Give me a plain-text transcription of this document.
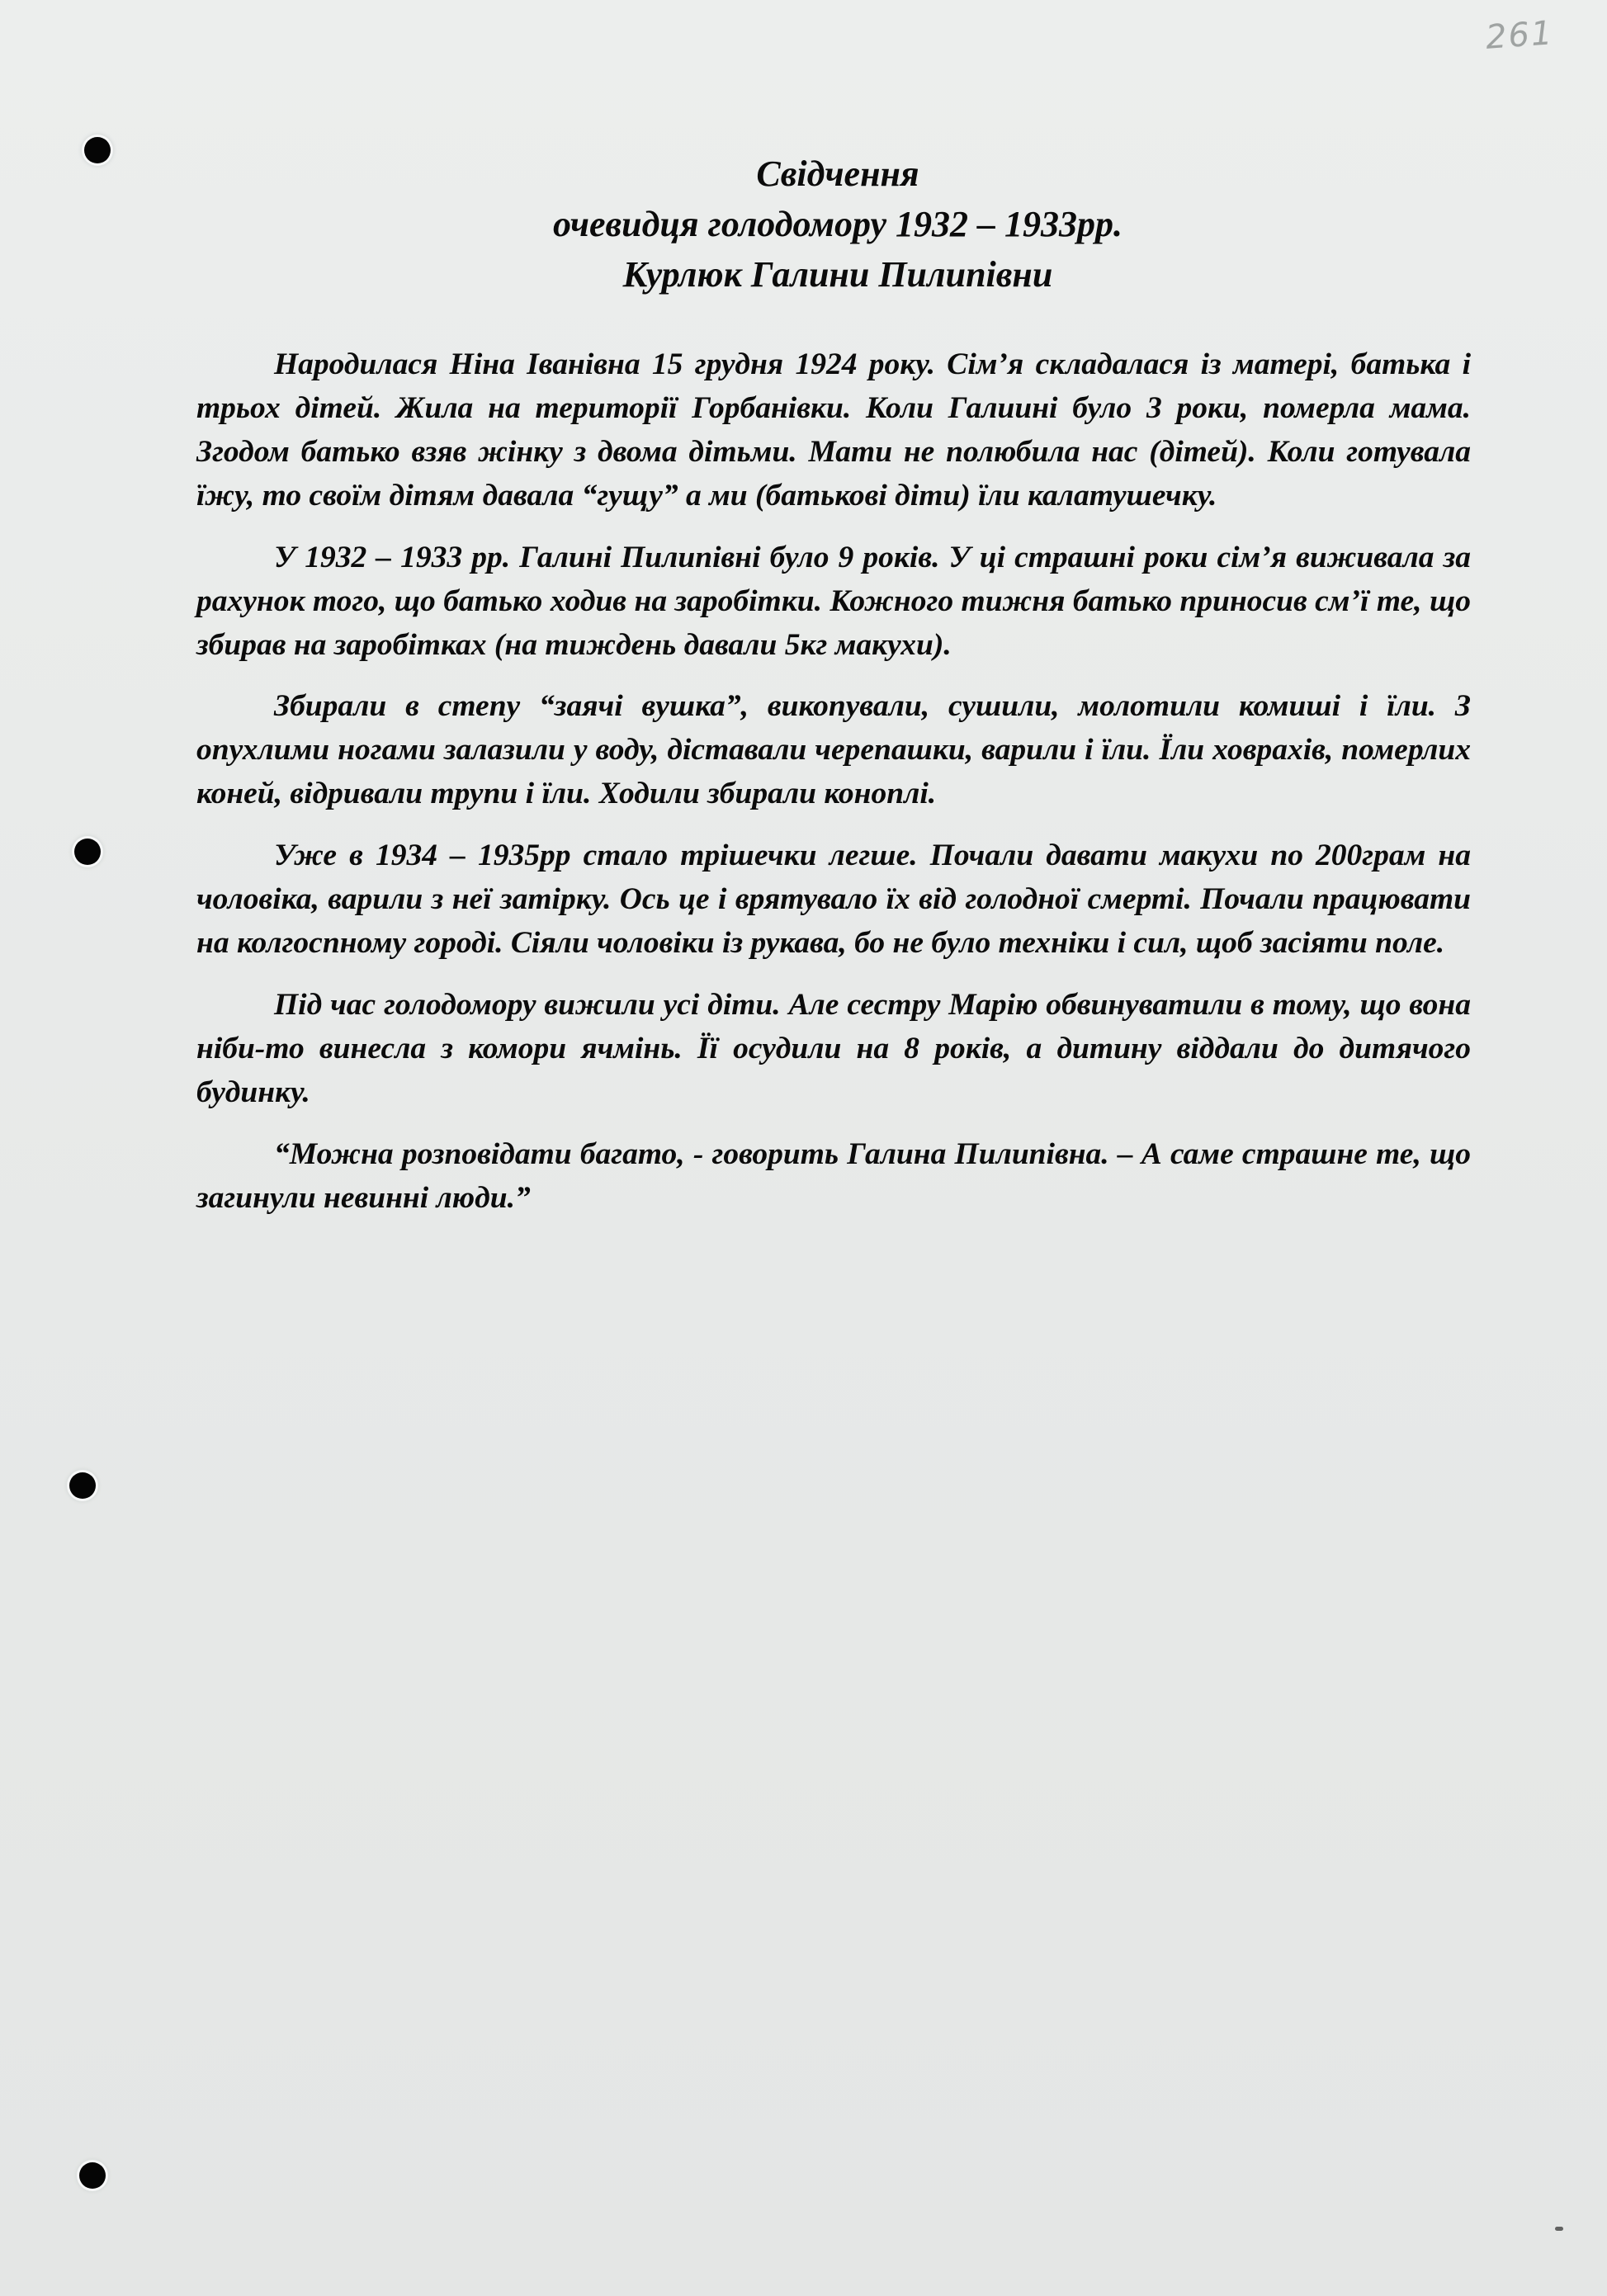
261
Свідчення
очевидця голодомору 1932 – 1933рр.
Курлюк Галини Пилипівни

Народилася Ніна Іванівна 15 грудня 1924 року. Сім’я складалася із матері, батька і трьох дітей. Жила на території Горбанівки. Коли Галиині було 3 роки, померла мама. Згодом батько взяв жінку з двома дітьми. Мати не полюбила нас (дітей). Коли готувала їжу, то своїм дітям давала “гущу” а ми (батькові діти) їли калатушечку.

У 1932 – 1933 рр. Галині Пилипівні було 9 років. У ці страшні роки сім’я виживала за рахунок того, що батько ходив на заробітки. Кожного тижня батько приносив см’ї те, що збирав на заробітках (на тиждень давали 5кг макухи).

Збирали в степу “заячі вушка”, викопували, сушили, молотили комиші і їли. З опухлими ногами залазили у воду, діставали черепашки, варили і їли. Їли ховрахів, померлих коней, відривали трупи і їли. Ходили збирали коноплі.

Уже в 1934 – 1935рр стало трішечки легше. Почали давати макухи по 200грам на чоловіка, варили з неї затірку. Ось це і врятувало їх від голодної смерті. Почали працювати на колгоспному городі. Сіяли чоловіки із рукава, бо не було техніки і сил, щоб засіяти поле.

Під час голодомору вижили усі діти. Але сестру Марію обвинуватили в тому, що вона ніби-то винесла з комори ячмінь. Її осудили на 8 років, а дитину віддали до дитячого будинку.

“Можна розповідати багато, - говорить Галина Пилипівна. – А саме страшне те, що загинули невинні люди.”
